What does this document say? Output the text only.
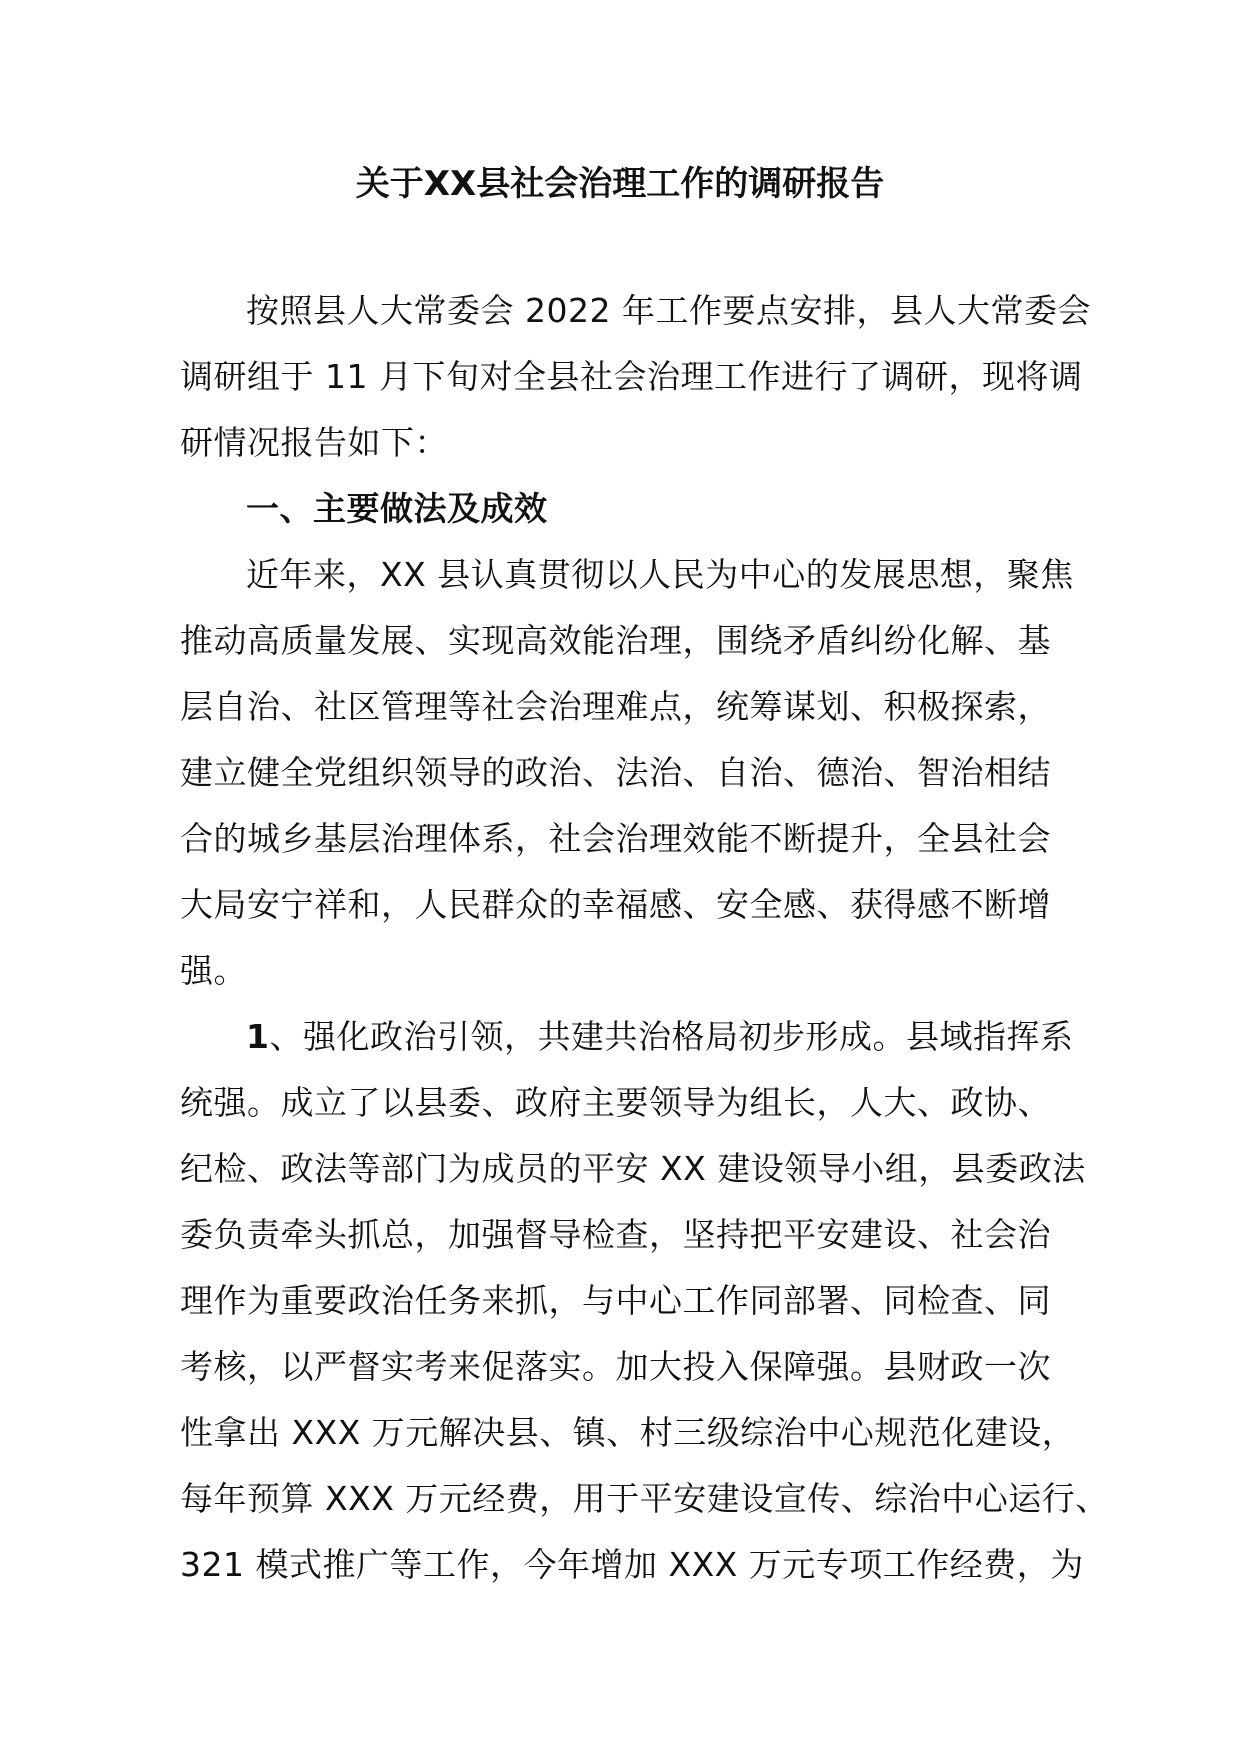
关于XX县社会治理工作的调研报告
按照县人大常委会 2022 年工作要点安排，县人大常委会
调研组于 11 月下旬对全县社会治理工作进行了调研，现将调
研情况报告如下：
一、主要做法及成效
近年来，XX 县认真贯彻以人民为中心的发展思想，聚焦
推动高质量发展、实现高效能治理，围绕矛盾纠纷化解、基
层自治、社区管理等社会治理难点，统筹谋划、积极探索，
建立健全党组织领导的政治、法治、自治、德治、智治相结
合的城乡基层治理体系，社会治理效能不断提升，全县社会
大局安宁祥和，人民群众的幸福感、安全感、获得感不断增
强。
1、强化政治引领，共建共治格局初步形成。县域指挥系
统强。成立了以县委、政府主要领导为组长，人大、政协、
纪检、政法等部门为成员的平安 XX 建设领导小组，县委政法
委负责牵头抓总，加强督导检查，坚持把平安建设、社会治
理作为重要政治任务来抓，与中心工作同部署、同检查、同
考核，以严督实考来促落实。加大投入保障强。县财政一次
性拿出 XXX 万元解决县、镇、村三级综治中心规范化建设，
每年预算 XXX 万元经费，用于平安建设宣传、综治中心运行、
321 模式推广等工作，今年增加 XXX 万元专项工作经费，为
